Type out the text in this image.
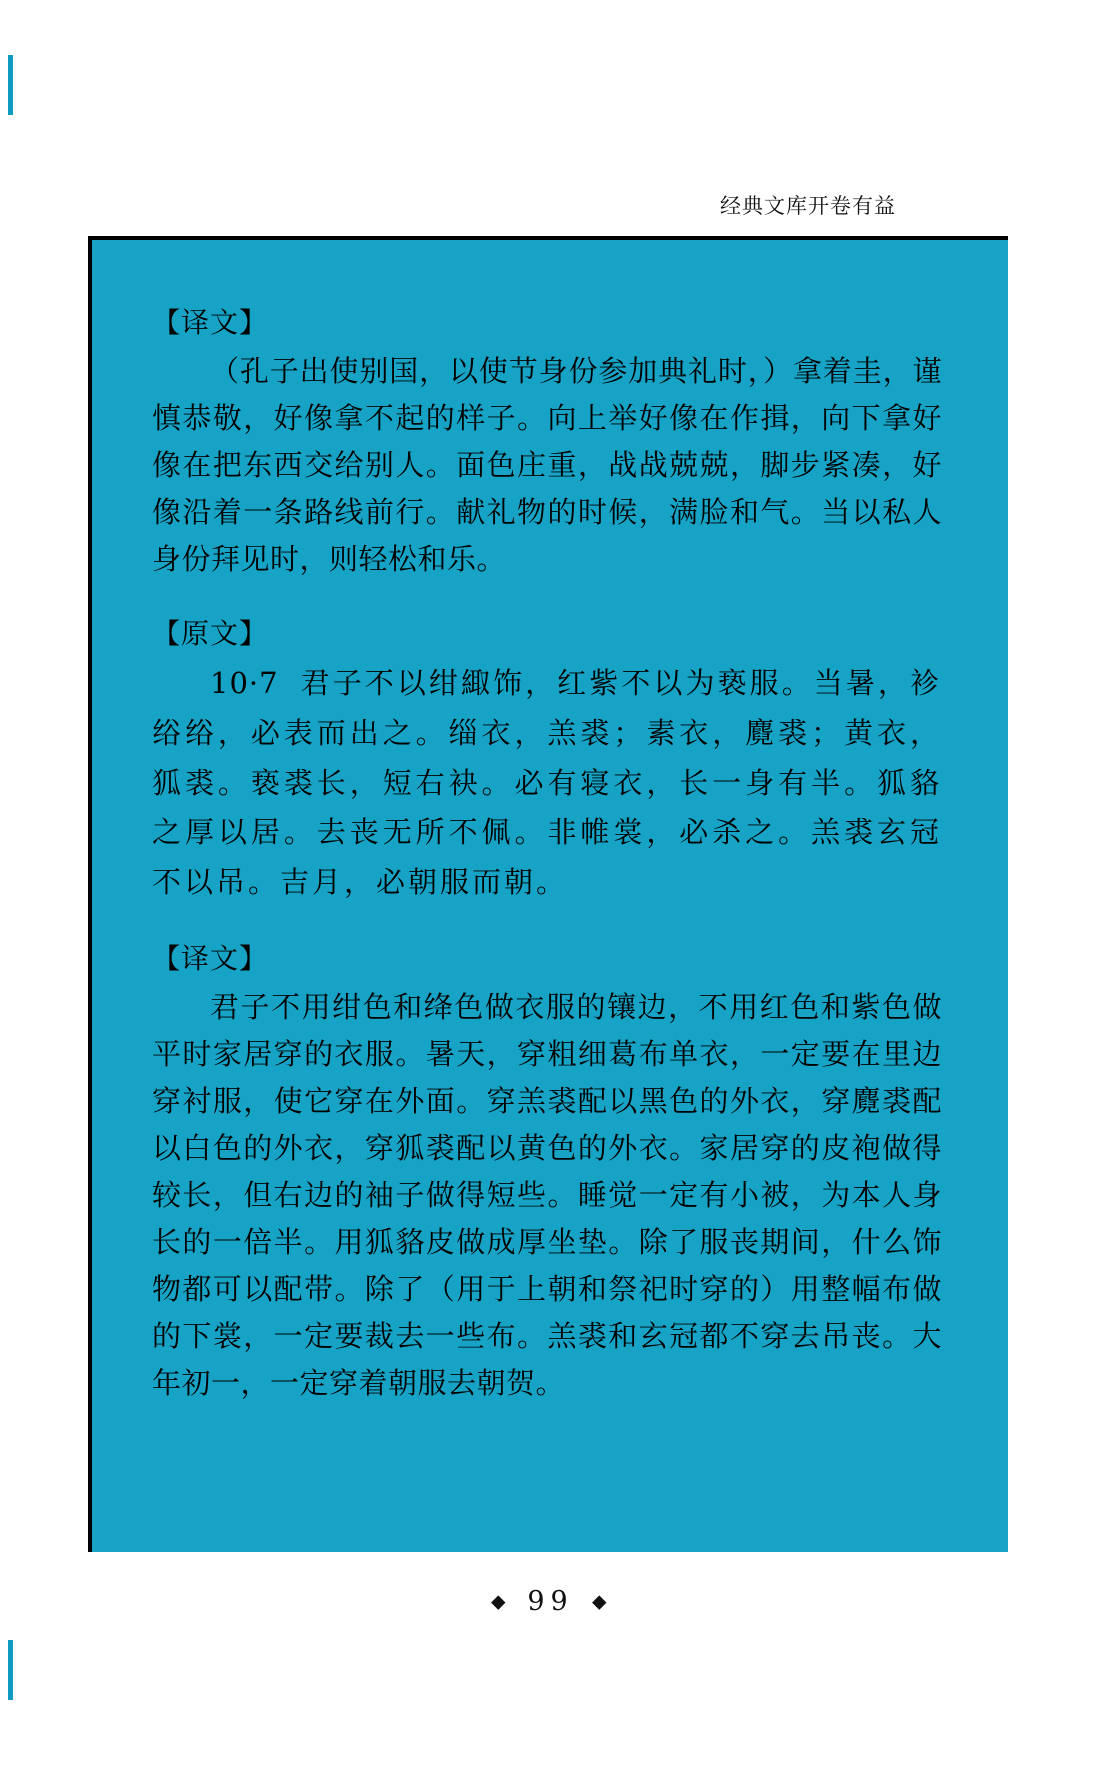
经典文库开卷有益
【译文】

（孔子出使别国，以使节身份参加典礼时，）拿着圭，谨慎恭敬，好像拿不起的样子。向上举好像在作揖，向下拿好像在把东西交给别人。面色庄重，战战兢兢，脚步紧凑，好像沿着一条路线前行。献礼物的时候，满脸和气。当以私人身份拜见时，则轻松和乐。

【原文】

10·7 君子不以绀緅饰，红紫不以为亵服。当暑，袗绤绤，必表而出之。缁衣，羔裘；素衣，麑裘；黄衣，狐裘。亵裘长，短右袂。必有寝衣，长一身有半。狐貉之厚以居。去丧无所不佩。非帷裳，必杀之。羔裘玄冠不以吊。吉月，必朝服而朝。

【译文】

君子不用绀色和绛色做衣服的镶边，不用红色和紫色做平时家居穿的衣服。暑天，穿粗细葛布单衣，一定要在里边穿衬服，使它穿在外面。穿羔裘配以黑色的外衣，穿麑裘配以白色的外衣，穿狐裘配以黄色的外衣。家居穿的皮袍做得较长，但右边的袖子做得短些。睡觉一定有小被，为本人身长的一倍半。用狐貉皮做成厚坐垫。除了服丧期间，什么饰物都可以配带。除了（用于上朝和祭祀时穿的）用整幅布做的下裳，一定要裁去一些布。羔裘和玄冠都不穿去吊丧。大年初一，一定穿着朝服去朝贺。

◆ 99 ◆
